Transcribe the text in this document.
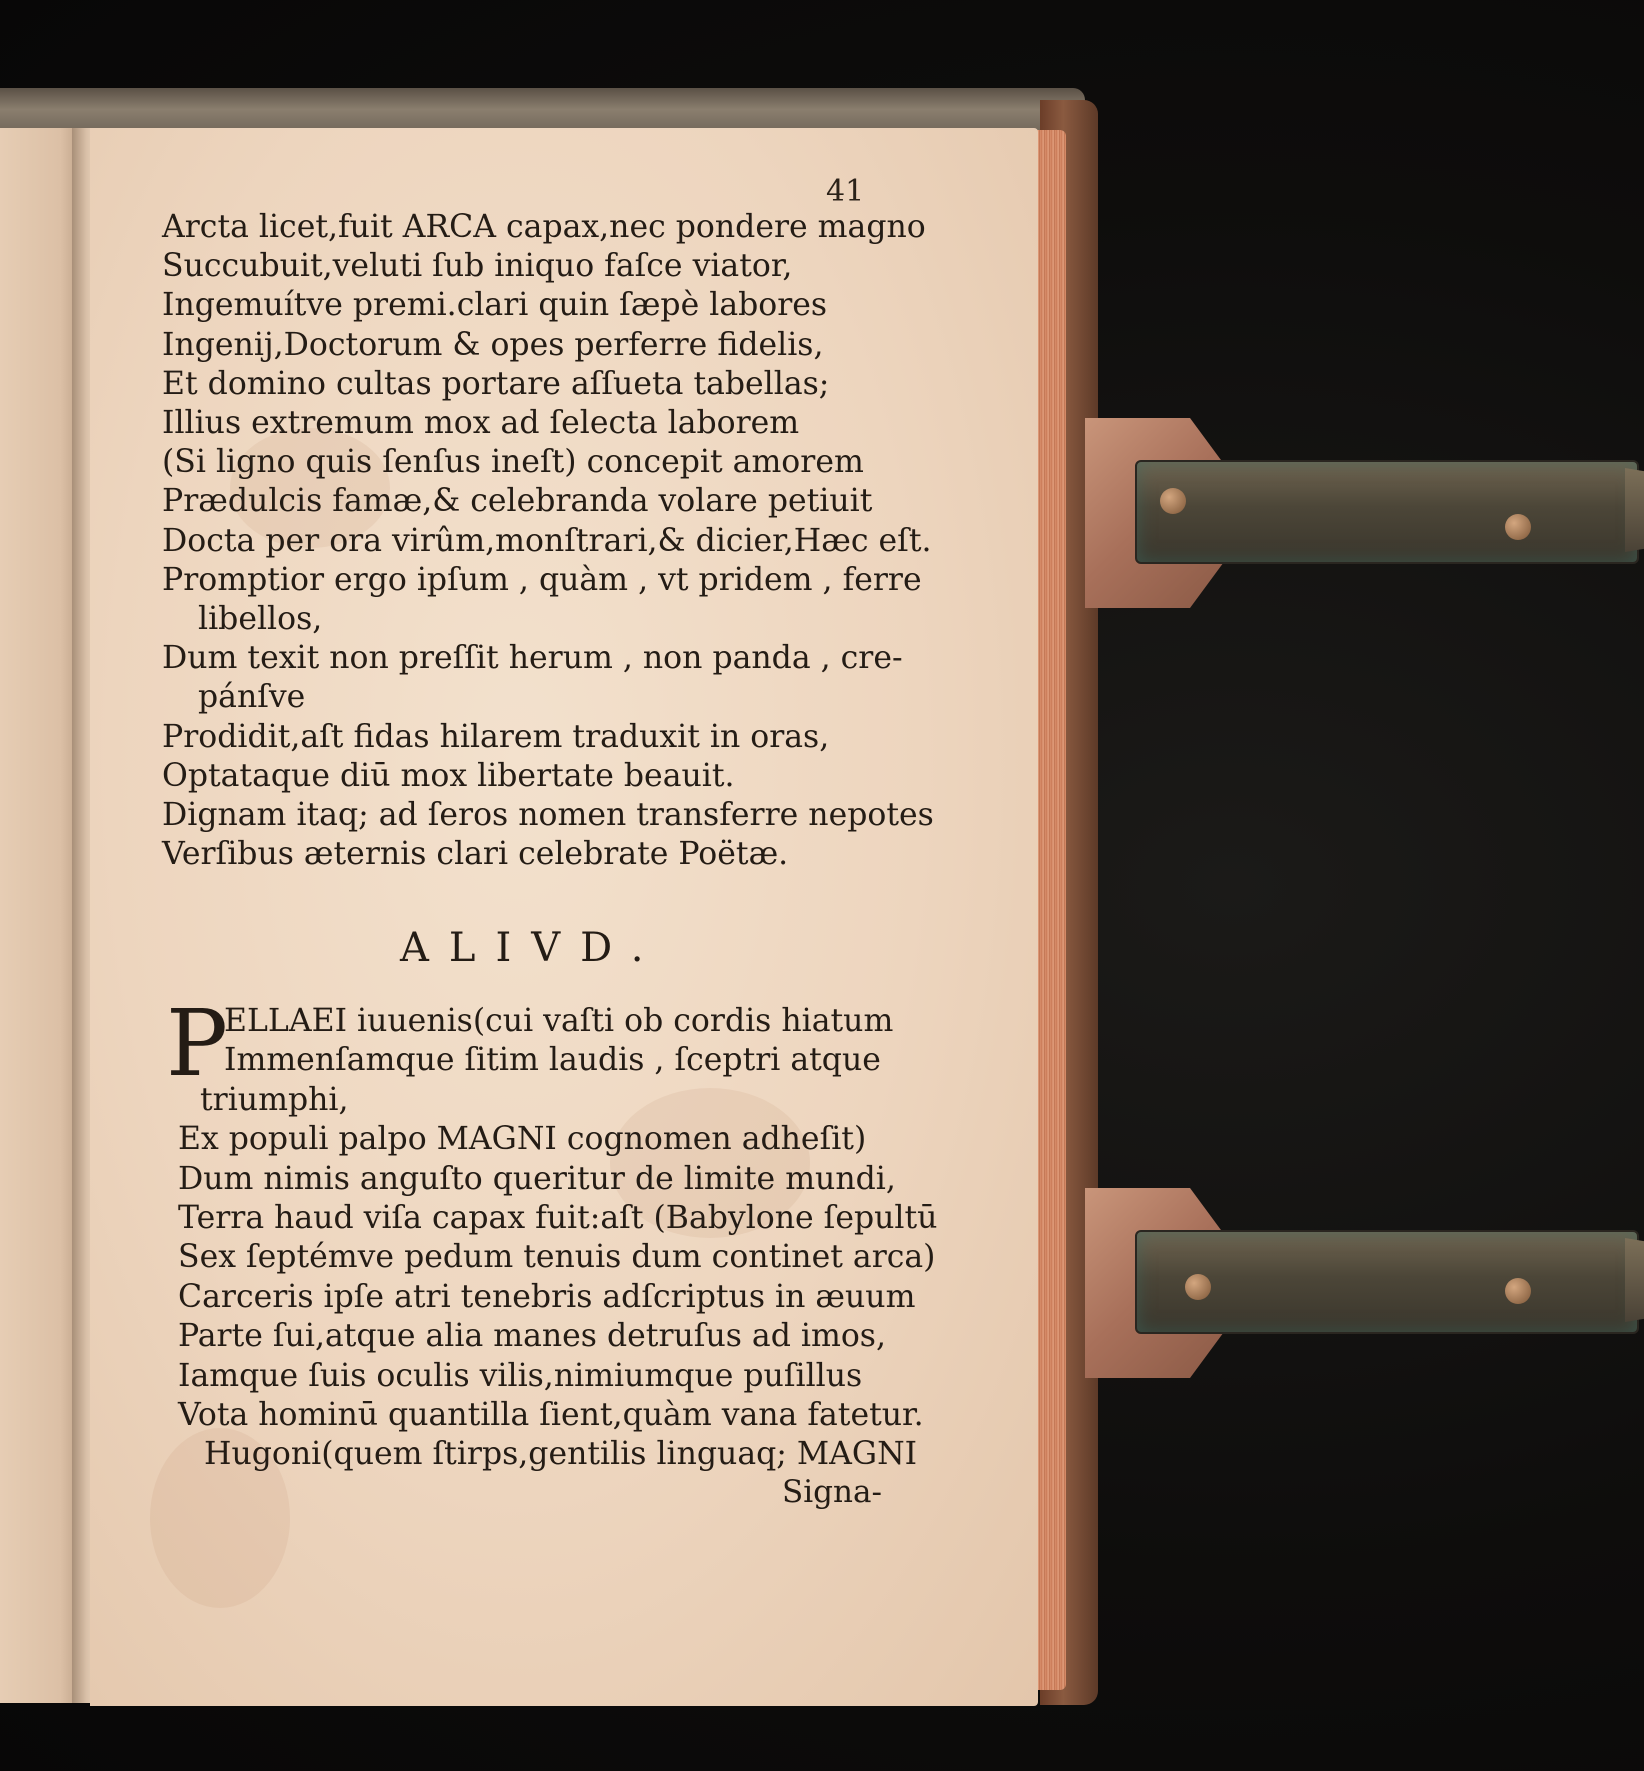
41
Arcta licet,fuit ARCA capax,nec pondere magno
Succubuit,veluti ſub iniquo faſce viator,
Ingemuítve premi.clari quin ſæpè labores
Ingenij,Doctorum & opes perferre fidelis,
Et domino cultas portare aſſueta tabellas;
Illius extremum mox ad ſelecta laborem
(Si ligno quis ſenſus ineſt) concepit amorem
Prædulcis famæ,& celebranda volare petiuit
Docta per ora virûm,monſtrari,& dicier,Hæc eſt.
Promptior ergo ipſum , quàm , vt pridem , ferre
libellos,
Dum texit non preſſit herum , non panda , cre-
pánſve
Prodidit,aſt fidas hilarem traduxit in oras,
Optataque diū mox libertate beauit.
Dignam itaq; ad ſeros nomen transferre nepotes
Verſibus æternis clari celebrate Poëtæ.
ALIVD.
P
ELLAEI iuuenis(cui vaſti ob cordis hiatum
Immenſamque ſitim laudis , ſceptri atque
triumphi,
Ex populi palpo MAGNI cognomen adheſit)
Dum nimis anguſto queritur de limite mundi,
Terra haud viſa capax fuit:aſt (Babylone ſepultū
Sex ſeptémve pedum tenuis dum continet arca)
Carceris ipſe atri tenebris adſcriptus in æuum
Parte ſui,atque alia manes detruſus ad imos,
Iamque ſuis oculis vilis,nimiumque puſillus
Vota hominū quantilla ſient,quàm vana fatetur.
Hugoni(quem ſtirps,gentilis linguaq; MAGNI
Signa-
